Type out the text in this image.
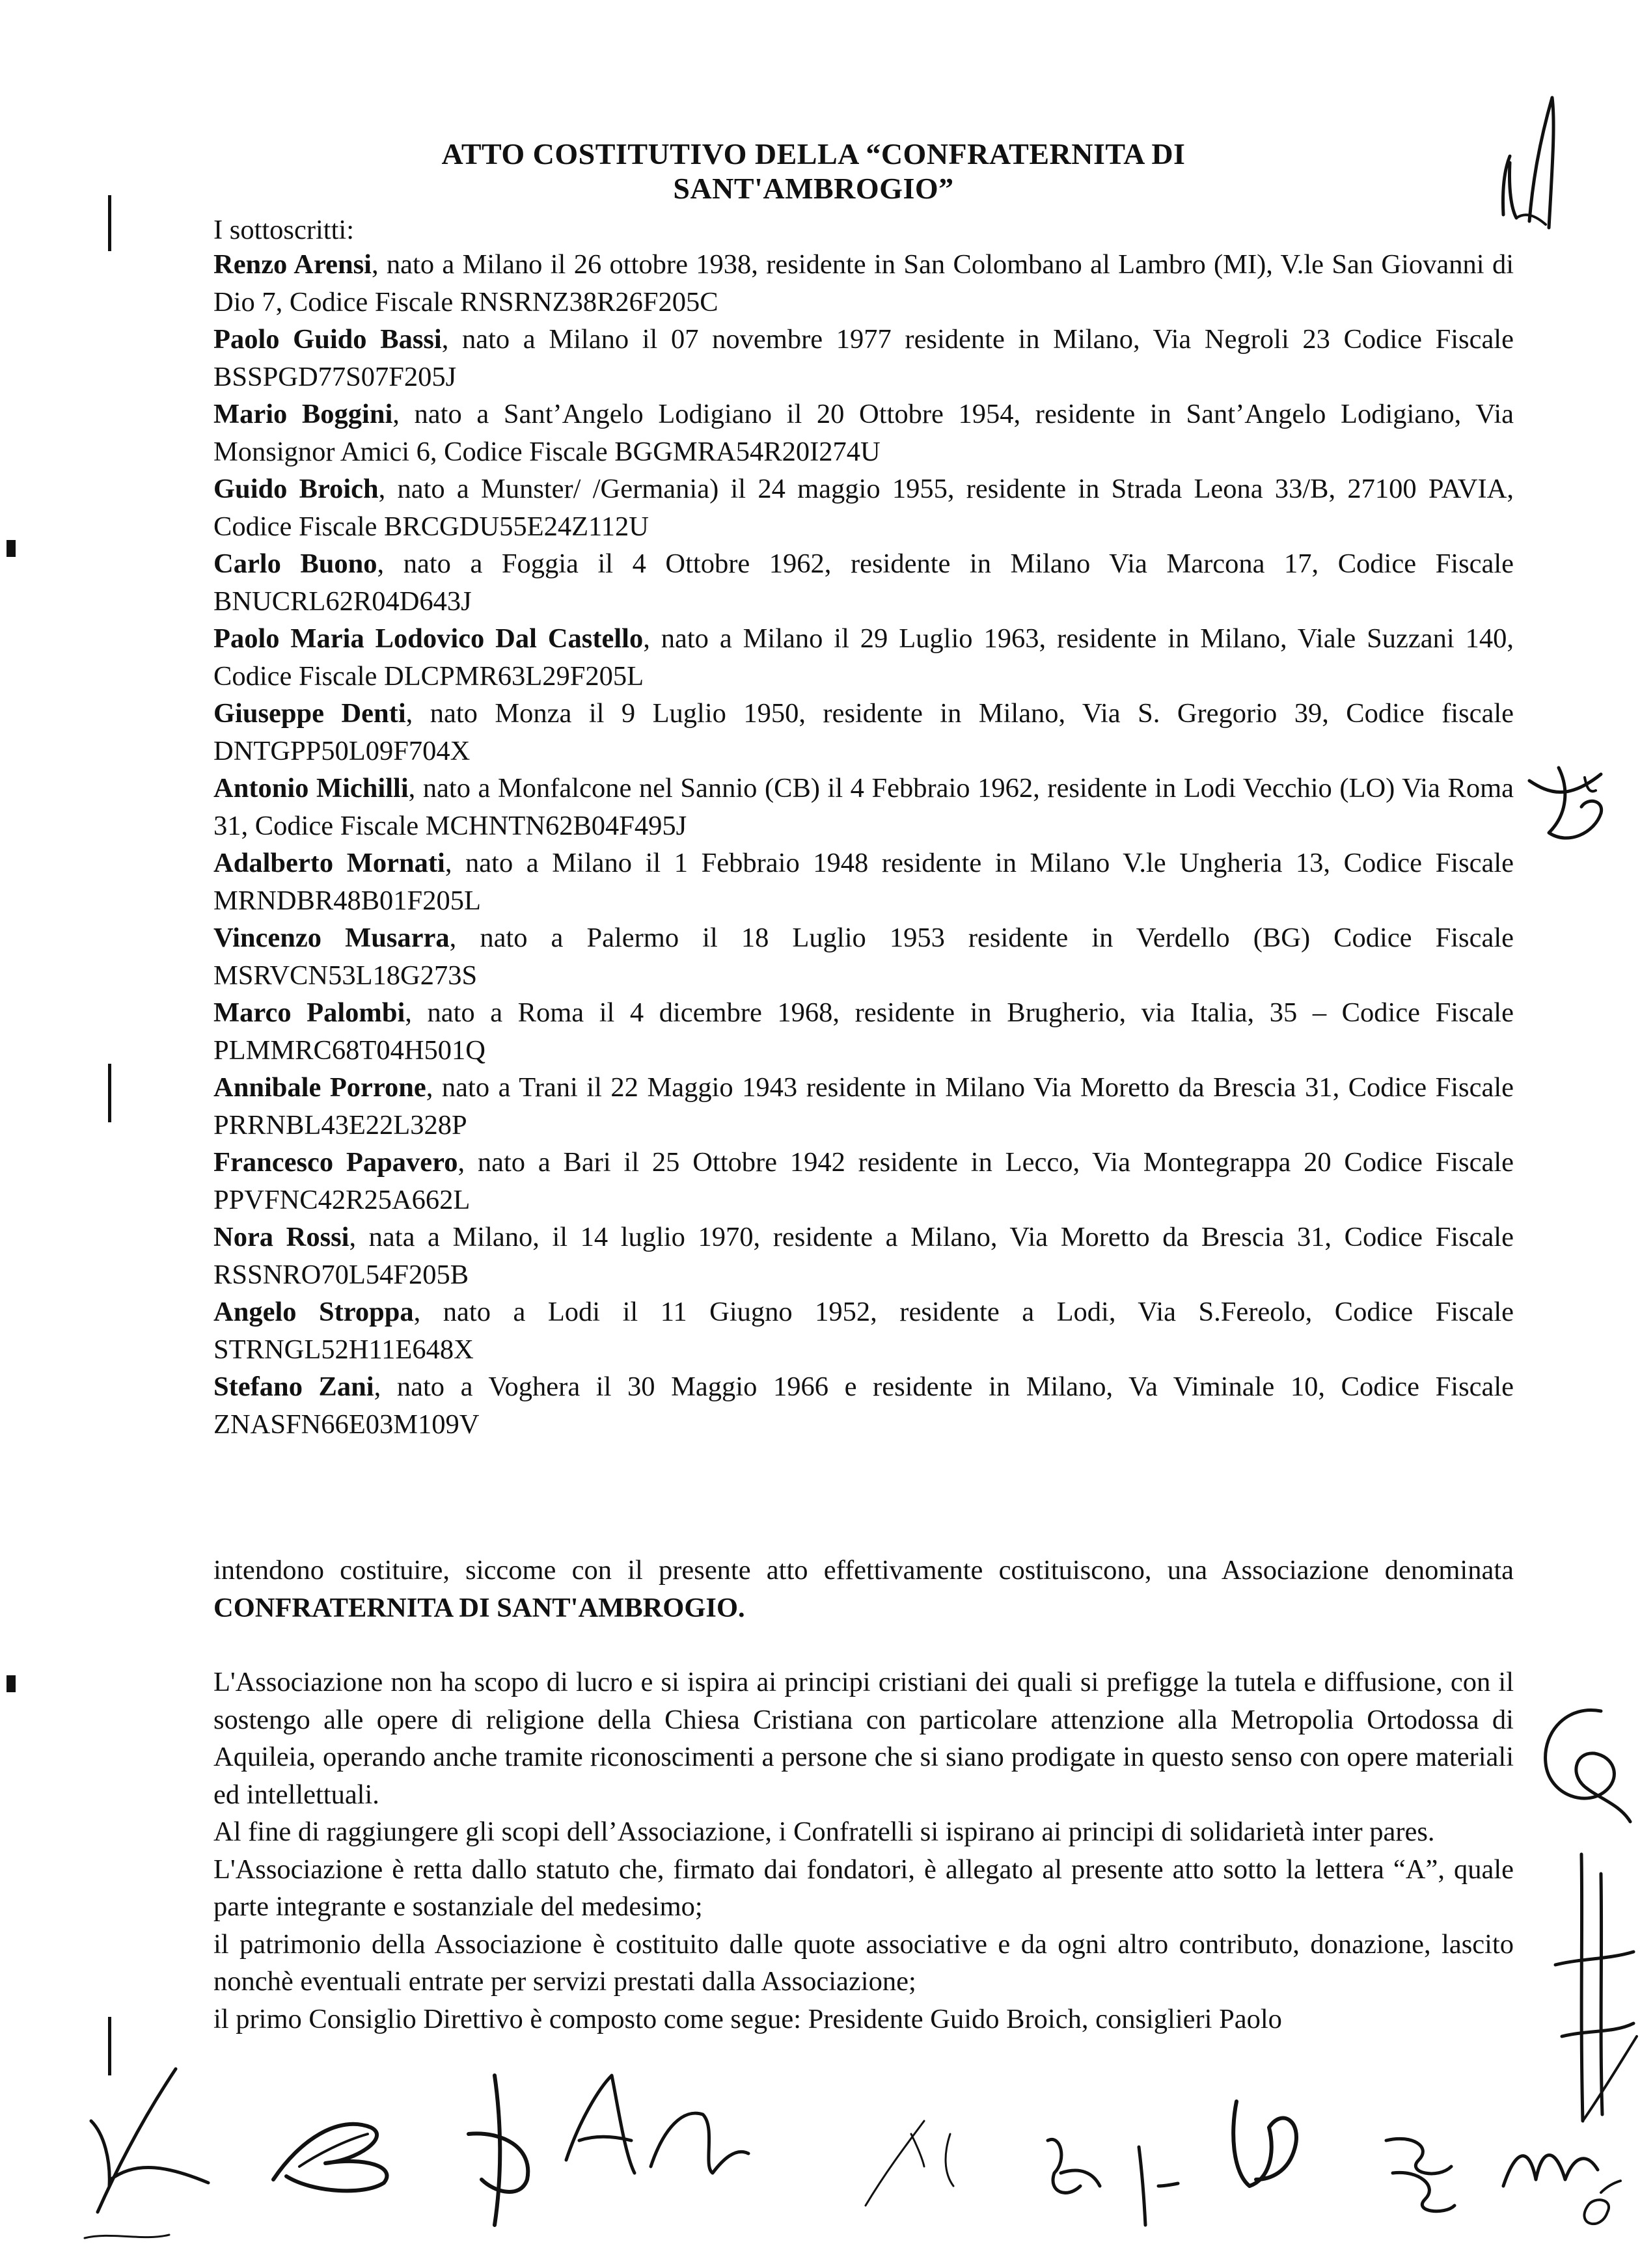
ATTO COSTITUTIVO DELLA “CONFRATERNITA DI SANT'AMBROGIO”
I sottoscritti:

Renzo Arensi, nato a Milano il 26 ottobre 1938, residente in San Colombano al Lambro (MI), V.le San Giovanni di Dio 7, Codice Fiscale RNSRNZ38R26F205C

Paolo Guido Bassi, nato a Milano il 07 novembre 1977 residente in Milano, Via Negroli 23 Codice Fiscale BSSPGD77S07F205J

Mario Boggini, nato a Sant’Angelo Lodigiano il 20 Ottobre 1954, residente in Sant’Angelo Lodigiano, Via Monsignor Amici 6, Codice Fiscale BGGMRA54R20I274U

Guido Broich, nato a Munster/ /Germania) il 24 maggio 1955, residente in Strada Leona 33/B, 27100 PAVIA, Codice Fiscale BRCGDU55E24Z112U

Carlo Buono, nato a Foggia il 4 Ottobre 1962, residente in Milano Via Marcona 17, Codice Fiscale BNUCRL62R04D643J

Paolo Maria Lodovico Dal Castello, nato a Milano il 29 Luglio 1963, residente in Milano, Viale Suzzani 140, Codice Fiscale DLCPMR63L29F205L

Giuseppe Denti, nato Monza il 9 Luglio 1950, residente in Milano, Via S. Gregorio 39, Codice fiscale DNTGPP50L09F704X

Antonio Michilli, nato a Monfalcone nel Sannio (CB) il 4 Febbraio 1962, residente in Lodi Vecchio (LO) Via Roma 31, Codice Fiscale MCHNTN62B04F495J

Adalberto Mornati, nato a Milano il 1 Febbraio 1948 residente in Milano V.le Ungheria 13, Codice Fiscale MRNDBR48B01F205L

Vincenzo Musarra, nato a Palermo il 18 Luglio 1953 residente in Verdello (BG) Codice Fiscale MSRVCN53L18G273S

Marco Palombi, nato a Roma il 4 dicembre 1968, residente in Brugherio, via Italia, 35 – Codice Fiscale PLMMRC68T04H501Q

Annibale Porrone, nato a Trani il 22 Maggio 1943 residente in Milano Via Moretto da Brescia 31, Codice Fiscale PRRNBL43E22L328P

Francesco Papavero, nato a Bari il 25 Ottobre 1942 residente in Lecco, Via Montegrappa 20 Codice Fiscale PPVFNC42R25A662L

Nora Rossi, nata a Milano, il 14 luglio 1970, residente a Milano, Via Moretto da Brescia 31, Codice Fiscale RSSNRO70L54F205B

Angelo Stroppa, nato a Lodi il 11 Giugno 1952, residente a Lodi, Via S.Fereolo, Codice Fiscale STRNGL52H11E648X

Stefano Zani, nato a Voghera il 30 Maggio 1966 e residente in Milano, Va Viminale 10, Codice Fiscale ZNASFN66E03M109V

intendono costituire, siccome con il presente atto effettivamente costituiscono, una Associazione denominata CONFRATERNITA DI SANT'AMBROGIO.

L'Associazione non ha scopo di lucro e si ispira ai principi cristiani dei quali si prefigge la tutela e diffusione, con il sostengo alle opere di religione della Chiesa Cristiana con particolare attenzione alla Metropolia Ortodossa di Aquileia, operando anche tramite riconoscimenti a persone che si siano prodigate in questo senso con opere materiali ed intellettuali.

Al fine di raggiungere gli scopi dell’Associazione, i Confratelli si ispirano ai principi di solidarietà inter pares.

L'Associazione è retta dallo statuto che, firmato dai fondatori, è allegato al presente atto sotto la lettera “A”, quale parte integrante e sostanziale del medesimo;

il patrimonio della Associazione è costituito dalle quote associative e da ogni altro contributo, donazione, lascito nonchè eventuali entrate per servizi prestati dalla Associazione;

il primo Consiglio Direttivo è composto come segue: Presidente Guido Broich, consiglieri Paolo
